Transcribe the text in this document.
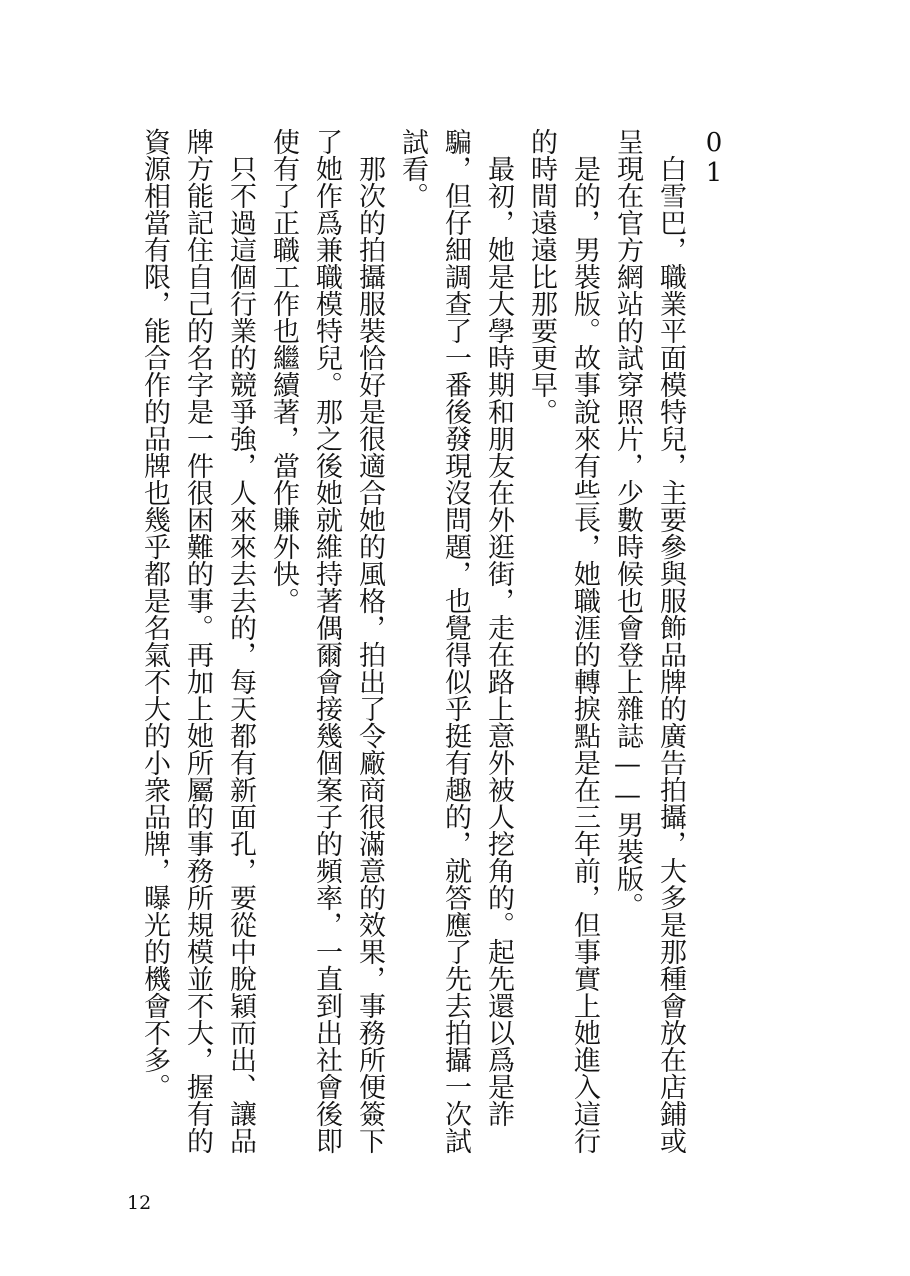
01

白雪巴，職業平面模特兒，主要參與服飾品牌的廣告拍攝，大多是那種會放在店鋪或呈現在官方網站的試穿照片，少數時候也會登上雜誌——男裝版。

是的，男裝版。故事說來有些長，她職涯的轉捩點是在三年前，但事實上她進入這行的時間遠遠比那要更早。

最初，她是大學時期和朋友在外逛街，走在路上意外被人挖角的。起先還以爲是詐騙，但仔細調查了一番後發現沒問題，也覺得似乎挺有趣的，就答應了先去拍攝一次試試看。

那次的拍攝服裝恰好是很適合她的風格，拍出了令廠商很滿意的效果，事務所便簽下了她作爲兼職模特兒。那之後她就維持著偶爾會接幾個案子的頻率，一直到出社會後即使有了正職工作也繼續著，當作賺外快。

只不過這個行業的競爭強，人來來去去的，每天都有新面孔，要從中脫穎而出、讓品牌方能記住自己的名字是一件很困難的事。再加上她所屬的事務所規模並不大，握有的資源相當有限，能合作的品牌也幾乎都是名氣不大的小衆品牌，曝光的機會不多。

12
